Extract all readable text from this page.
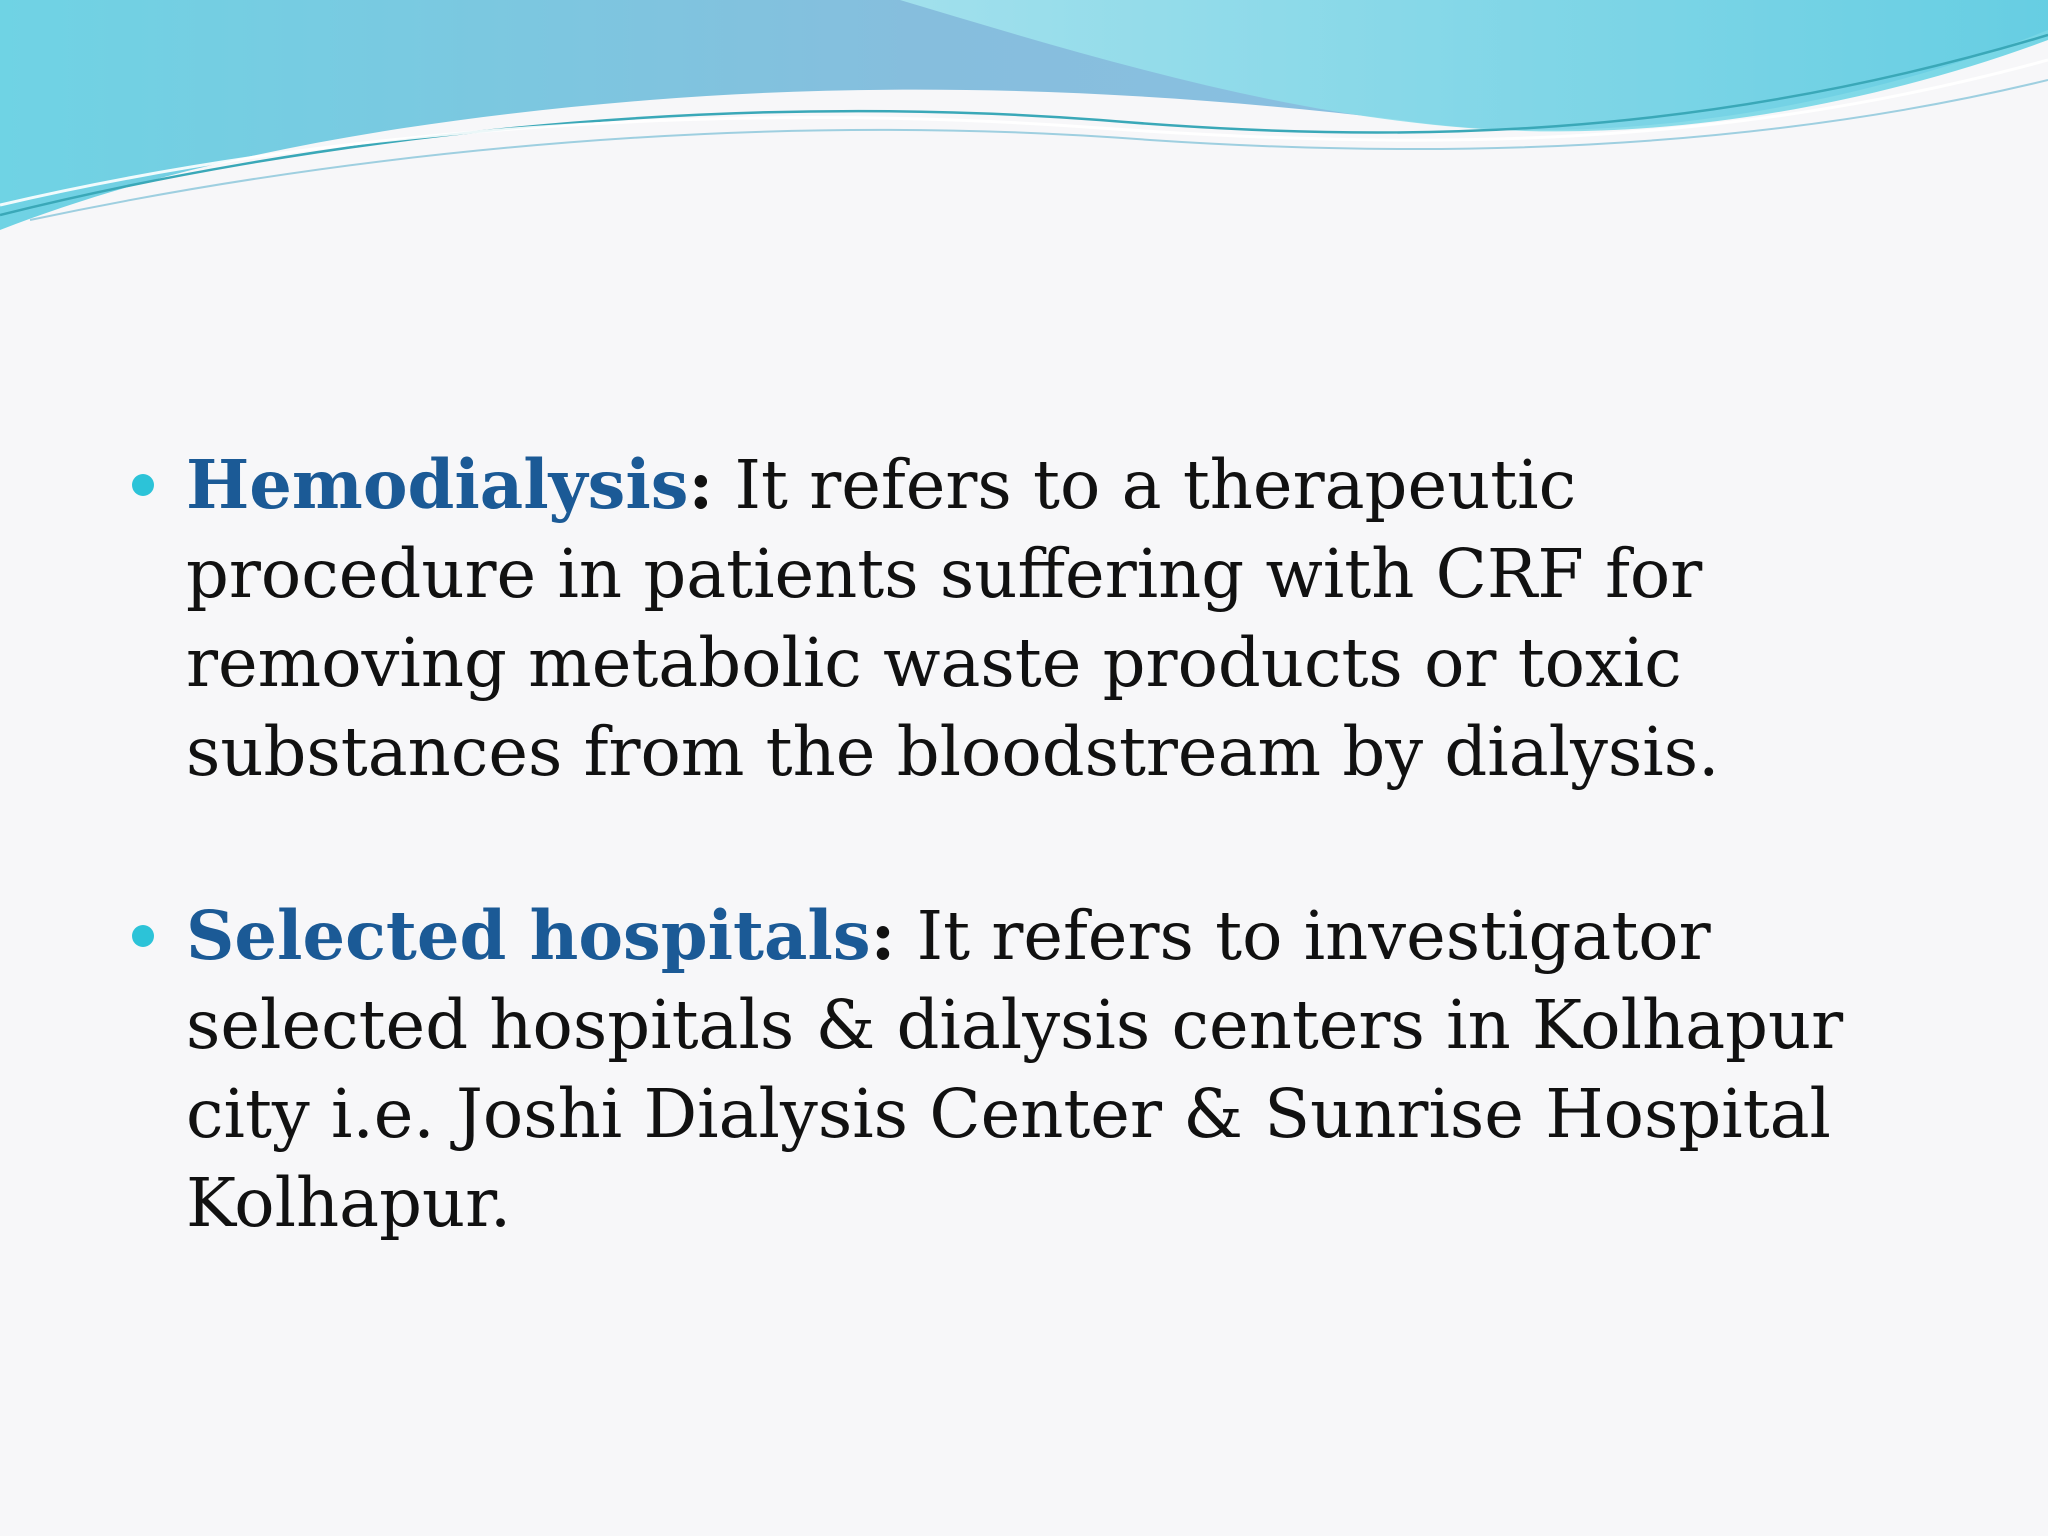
Hemodialysis: It refers to a therapeutic procedure in patients suffering with CRF for removing metabolic waste products or toxic substances from the bloodstream by dialysis.
Selected hospitals: It refers to investigator selected hospitals & dialysis centers in Kolhapur city i.e. Joshi Dialysis Center & Sunrise Hospital Kolhapur.
